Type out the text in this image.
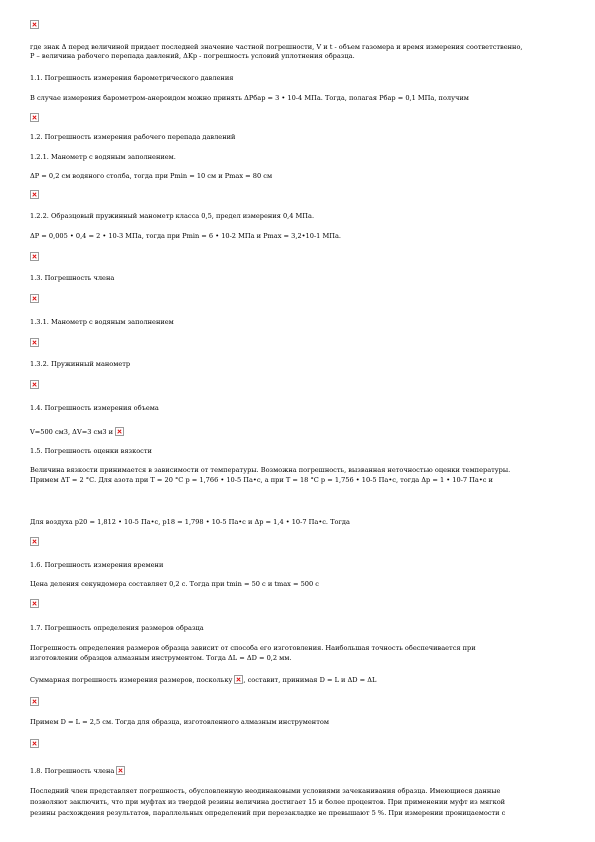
где знак Δ перед величиной придает последней значение частной погрешности, V и t - объем газомера и время измерения соответственно,
P – величина рабочего перепада давлений, ΔKp - погрешность условий уплотнения образца.
1.1. Погрешность измерения барометрического давления
В случае измерения барометром-анероидом можно принять ΔPбар = 3 • 10-4 МПа. Тогда, полагая Pбар = 0,1 МПа, получим
1.2. Погрешность измерения рабочего перепада давлений
1.2.1. Манометр с водяным заполнением.
ΔP = 0,2 см водяного столба, тогда при Pmin = 10 см и Pmax = 80 см
1.2.2. Образцовый пружинный манометр класса 0,5, предел измерения 0,4 МПа.
ΔP = 0,005 • 0,4 = 2 • 10-3 МПа, тогда при Pmin = 6 • 10-2 МПа и Pmax = 3,2•10-1 МПа.
1.3. Погрешность члена
1.3.1. Манометр с водяным заполнением
1.3.2. Пружинный манометр
1.4. Погрешность измерения объема
V=500 см3, ΔV=3 см3 и
1.5. Погрешность оценки вязкости
Величина вязкости принимается в зависимости от температуры. Возможна погрешность, вызванная неточностью оценки температуры.
Примем ΔT = 2 °С. Для азота при T = 20 °С p = 1,766 • 10-5 Па•с, а при T = 18 °С p = 1,756 • 10-5 Па•с, тогда Δp = 1 • 10-7 Па•с и
Для воздуха p20 = 1,812 • 10-5 Па•с, p18 = 1,798 • 10-5 Па•с и Δp = 1,4 • 10-7 Па•с. Тогда
1.6. Погрешность измерения времени
Цена деления секундомера составляет 0,2 с. Тогда при tmin = 50 с и tmax = 500 с
1.7. Погрешность определения размеров образца
Погрешность определения размеров образца зависит от способа его изготовления. Наибольшая точность обеспечивается при
изготовлении образцов алмазным инструментом. Тогда ΔL = ΔD = 0,2 мм.
Суммарная погрешность измерения размеров, поскольку , составит, принимая D = L и ΔD = ΔL
Примем D = L = 2,5 см. Тогда для образца, изготовленного алмазным инструментом
1.8. Погрешность члена
Последний член представляет погрешность, обусловленную неодинаковыми условиями зачеканивания образца. Имеющиеся данные
позволяют заключить, что при муфтах из твердой резины величина достигает 15 и более процентов. При применении муфт из мягкой
резины расхождения результатов, параллельных определений при перезакладке не превышают 5 %. При измерении проницаемости с
